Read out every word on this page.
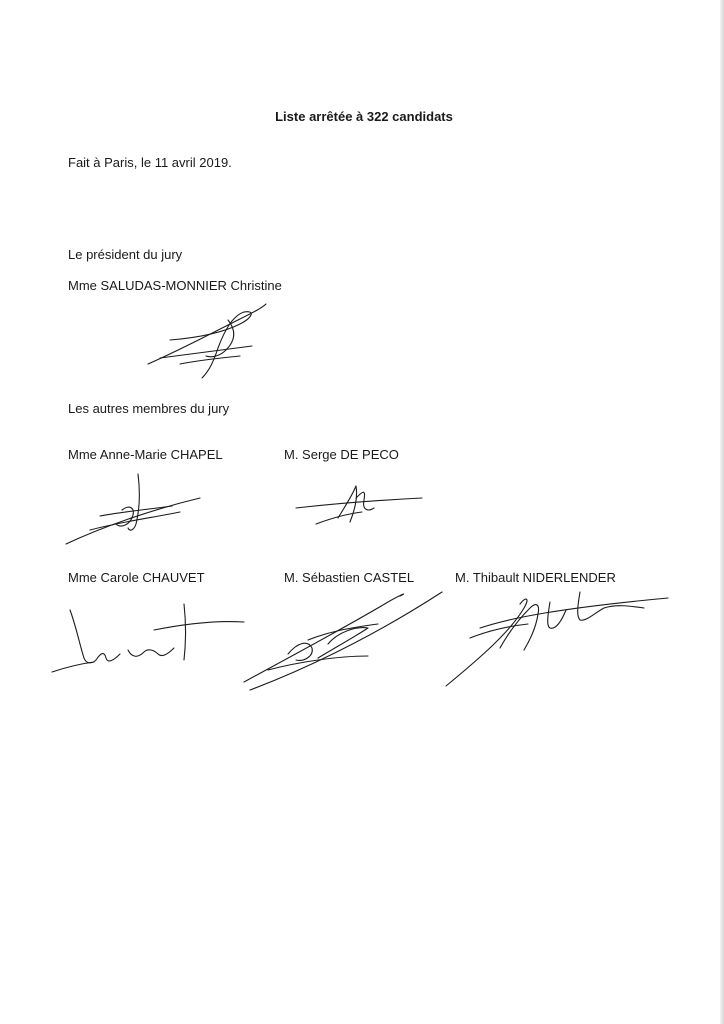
Liste arrêtée à 322 candidats
Fait à Paris, le 11 avril 2019.
Le président du jury
Mme SALUDAS-MONNIER Christine
Les autres membres du jury
Mme Anne-Marie CHAPEL	M. Serge DE PECO
Mme Carole CHAUVET	M. Sébastien CASTEL	M. Thibault NIDERLENDER
